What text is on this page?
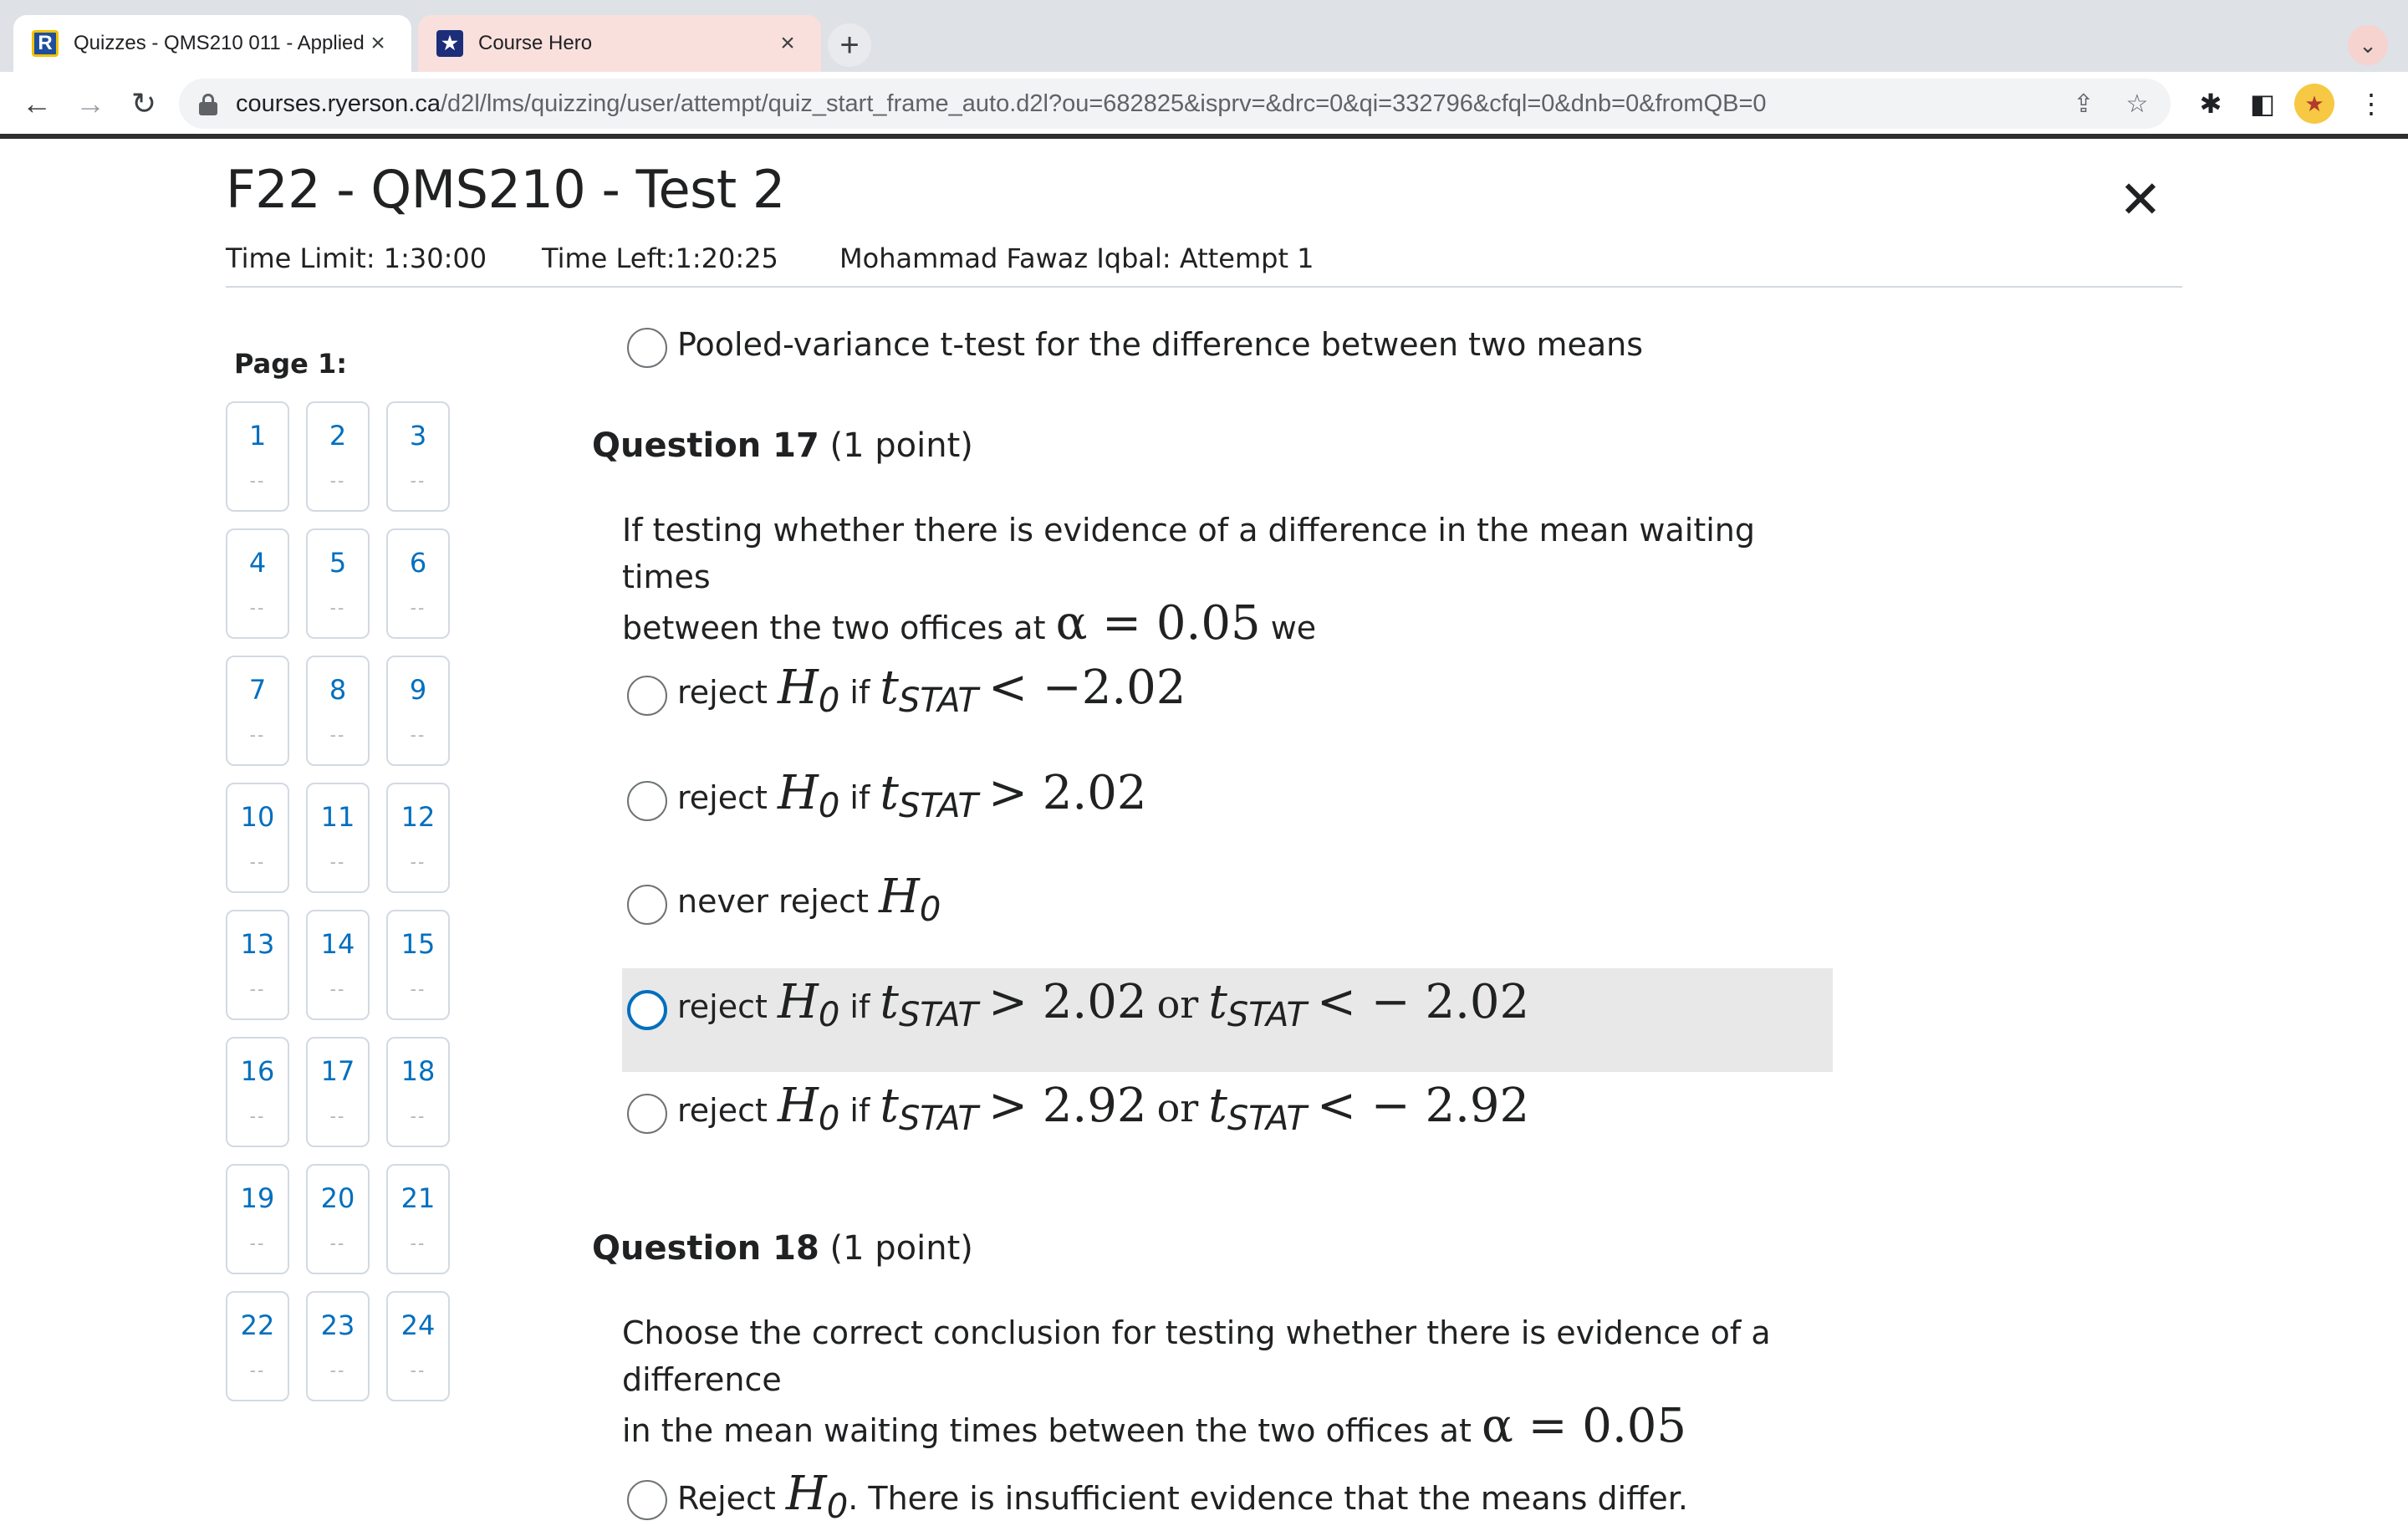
R	Quizzes - QMS210 011 - Applied ×	★ Course Hero	×	+	⌄
← → ↻	courses.ryerson.ca/d2l/lms/quizzing/user/attempt/quiz_start_frame_auto.d2l?ou=682825&isprv=&drc=0&qi=332796&cfql=0&dnb=0&fromQB=0	⇪	☆ ✱ ◧	★	⋮
F22 - QMS210 - Test 2	✕
Time Limit: 1:30:00 Time Left:1:20:25 Mohammad Fawaz Iqbal: Attempt 1
Page 1:
1
--
2
--
3
--
4
--
5
--
6
--
7
--
8
--
9
--
10
--
11
--
12
--
13
--
14
--
15
--
16
--
17
--
18
--
19
--
20
--
21
--
22
--
23
--
24
--
Pooled-variance t-test for the difference between two means
Question 17 (1 point)
If testing whether there is evidence of a difference in the mean waiting times
between the two offices at α = 0.05 we
reject H0 if tSTAT < −2.02
reject H0 if tSTAT > 2.02
never reject H0
reject H0 if tSTAT > 2.02 or tSTAT < − 2.02
reject H0 if tSTAT > 2.92 or tSTAT < − 2.92
Question 18 (1 point)
Choose the correct conclusion for testing whether there is evidence of a difference
in the mean waiting times between the two offices at α = 0.05
Reject H0. There is insufficient evidence that the means differ.
